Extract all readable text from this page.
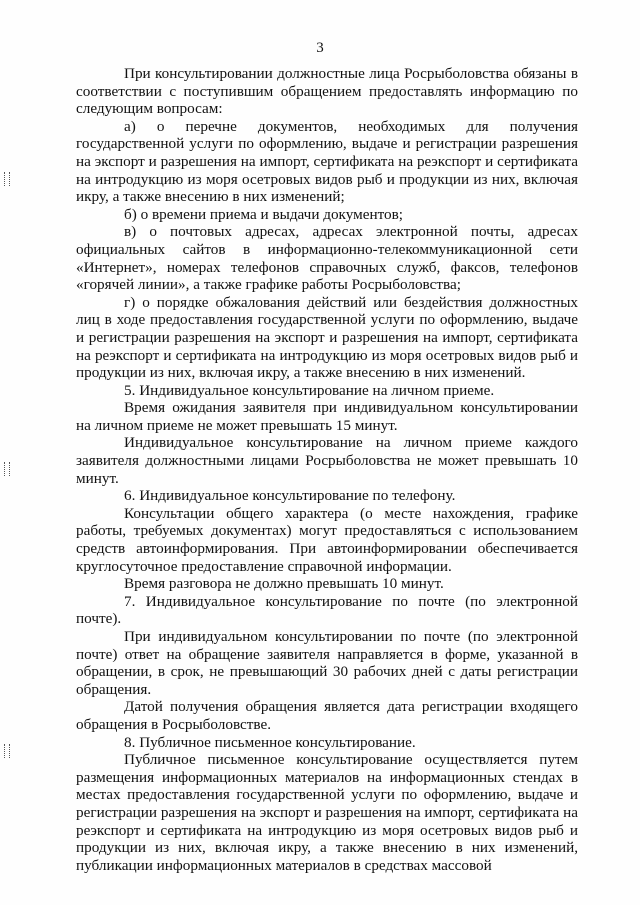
3

При консультировании должностные лица Росрыболовства обязаны в соответствии с поступившим обращением предоставлять информацию по следующим вопросам:

а) о перечне документов, необходимых для получения государственной услуги по оформлению, выдаче и регистрации разрешения на экспорт и разрешения на импорт, сертификата на реэкспорт и сертификата на интродукцию из моря осетровых видов рыб и продукции из них, включая икру, а также внесению в них изменений;

б) о времени приема и выдачи документов;

в) о почтовых адресах, адресах электронной почты, адресах официальных сайтов в информационно-телекоммуникационной сети «Интернет», номерах телефонов справочных служб, факсов, телефонов «горячей линии», а также графике работы Росрыболовства;

г) о порядке обжалования действий или бездействия должностных лиц в ходе предоставления государственной услуги по оформлению, выдаче и регистрации разрешения на экспорт и разрешения на импорт, сертификата на реэкспорт и сертификата на интродукцию из моря осетровых видов рыб и продукции из них, включая икру, а также внесению в них изменений.

5. Индивидуальное консультирование на личном приеме.

Время ожидания заявителя при индивидуальном консультировании на личном приеме не может превышать 15 минут.

Индивидуальное консультирование на личном приеме каждого заявителя должностными лицами Росрыболовства не может превышать 10 минут.

6. Индивидуальное консультирование по телефону.

Консультации общего характера (о месте нахождения, графике работы, требуемых документах) могут предоставляться с использованием средств автоинформирования. При автоинформировании обеспечивается круглосуточное предоставление справочной информации.

Время разговора не должно превышать 10 минут.

7. Индивидуальное консультирование по почте (по электронной почте).

При индивидуальном консультировании по почте (по электронной почте) ответ на обращение заявителя направляется в форме, указанной в обращении, в срок, не превышающий 30 рабочих дней с даты регистрации обращения.

Датой получения обращения является дата регистрации входящего обращения в Росрыболовстве.

8. Публичное письменное консультирование.

Публичное письменное консультирование осуществляется путем размещения информационных материалов на информационных стендах в местах предоставления государственной услуги по оформлению, выдаче и регистрации разрешения на экспорт и разрешения на импорт, сертификата на реэкспорт и сертификата на интродукцию из моря осетровых видов рыб и продукции из них, включая икру, а также внесению в них изменений, публикации информационных материалов в средствах массовой
